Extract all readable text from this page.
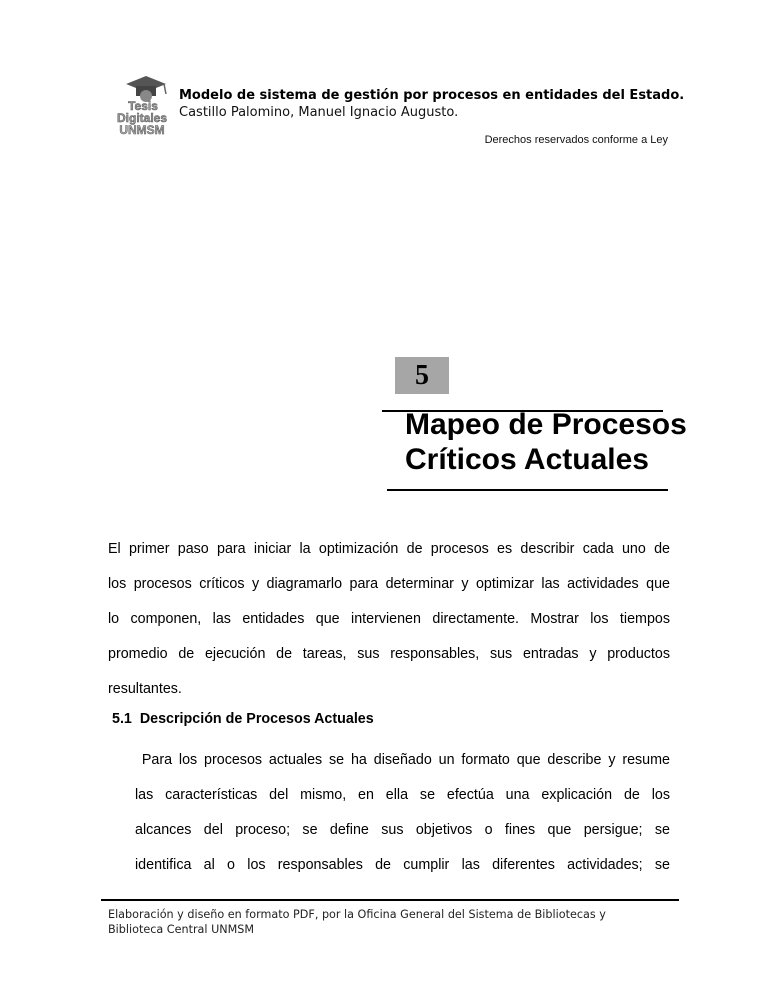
Tesis
Digitales
UNMSM
Modelo de sistema de gestión por procesos en entidades del Estado.
Castillo Palomino, Manuel Ignacio Augusto.
Derechos reservados conforme a Ley
5
Mapeo de Procesos
Críticos Actuales
El primer paso para iniciar la optimización de procesos es describir cada uno de
los procesos críticos y diagramarlo para determinar y optimizar las actividades que
lo componen, las entidades que intervienen directamente. Mostrar los tiempos
promedio de ejecución de tareas, sus responsables, sus entradas y productos
resultantes.
5.1  Descripción de Procesos Actuales
Para los procesos actuales se ha diseñado un formato que describe y resume
las características del mismo, en ella se efectúa una explicación de los
alcances del proceso; se define sus objetivos o fines que persigue; se
identifica al o los responsables de cumplir las diferentes actividades; se
Elaboración y diseño en formato PDF, por la Oficina General del Sistema de Bibliotecas y
Biblioteca Central UNMSM
